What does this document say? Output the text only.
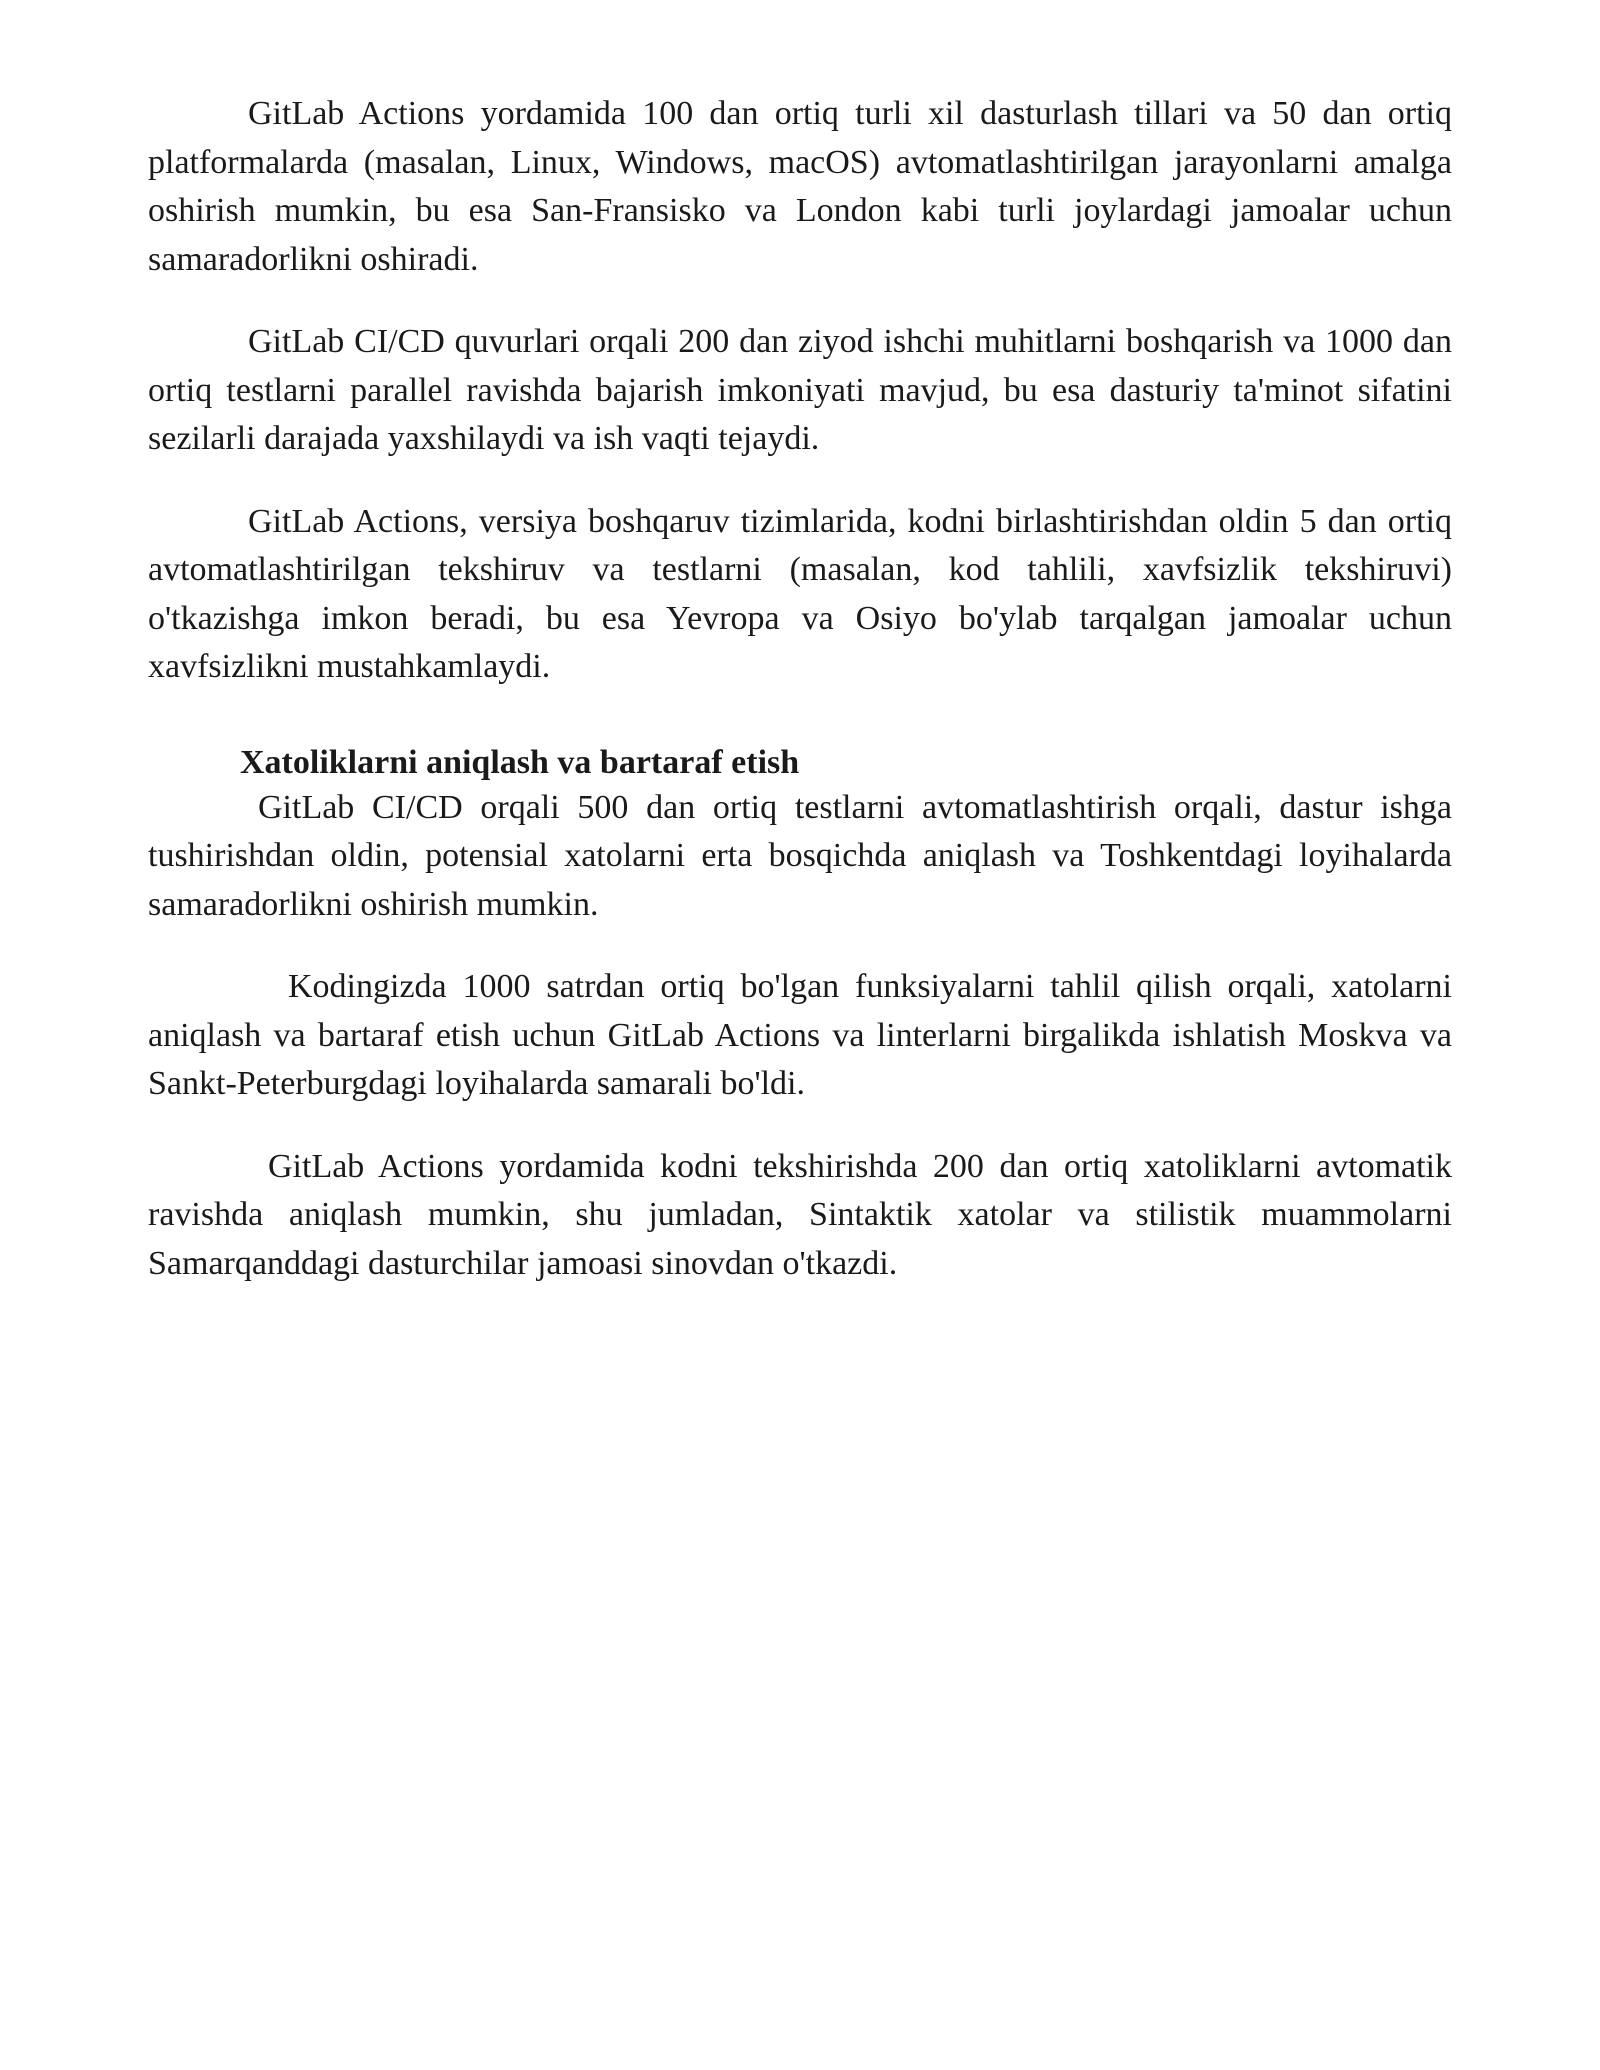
GitLab Actions yordamida 100 dan ortiq turli xil dasturlash tillari va 50 dan ortiq platformalarda (masalan, Linux, Windows, macOS) avtomatlashtirilgan jarayonlarni amalga oshirish mumkin, bu esa San-Fransisko va London kabi turli joylardagi jamoalar uchun samaradorlikni oshiradi.

GitLab CI/CD quvurlari orqali 200 dan ziyod ishchi muhitlarni boshqarish va 1000 dan ortiq testlarni parallel ravishda bajarish imkoniyati mavjud, bu esa dasturiy ta'minot sifatini sezilarli darajada yaxshilaydi va ish vaqti tejaydi.

GitLab Actions, versiya boshqaruv tizimlarida, kodni birlashtirishdan oldin 5 dan ortiq avtomatlashtirilgan tekshiruv va testlarni (masalan, kod tahlili, xavfsizlik tekshiruvi) o'tkazishga imkon beradi, bu esa Yevropa va Osiyo bo'ylab tarqalgan jamoalar uchun xavfsizlikni mustahkamlaydi.

Xatoliklarni aniqlash va bartaraf etish

GitLab CI/CD orqali 500 dan ortiq testlarni avtomatlashtirish orqali, dastur ishga tushirishdan oldin, potensial xatolarni erta bosqichda aniqlash va Toshkentdagi loyihalarda samaradorlikni oshirish mumkin.

Kodingizda 1000 satrdan ortiq bo'lgan funksiyalarni tahlil qilish orqali, xatolarni aniqlash va bartaraf etish uchun GitLab Actions va linterlarni birgalikda ishlatish Moskva va Sankt-Peterburgdagi loyihalarda samarali bo'ldi.

GitLab Actions yordamida kodni tekshirishda 200 dan ortiq xatoliklarni avtomatik ravishda aniqlash mumkin, shu jumladan, Sintaktik xatolar va stilistik muammolarni Samarqanddagi dasturchilar jamoasi sinovdan o'tkazdi.
